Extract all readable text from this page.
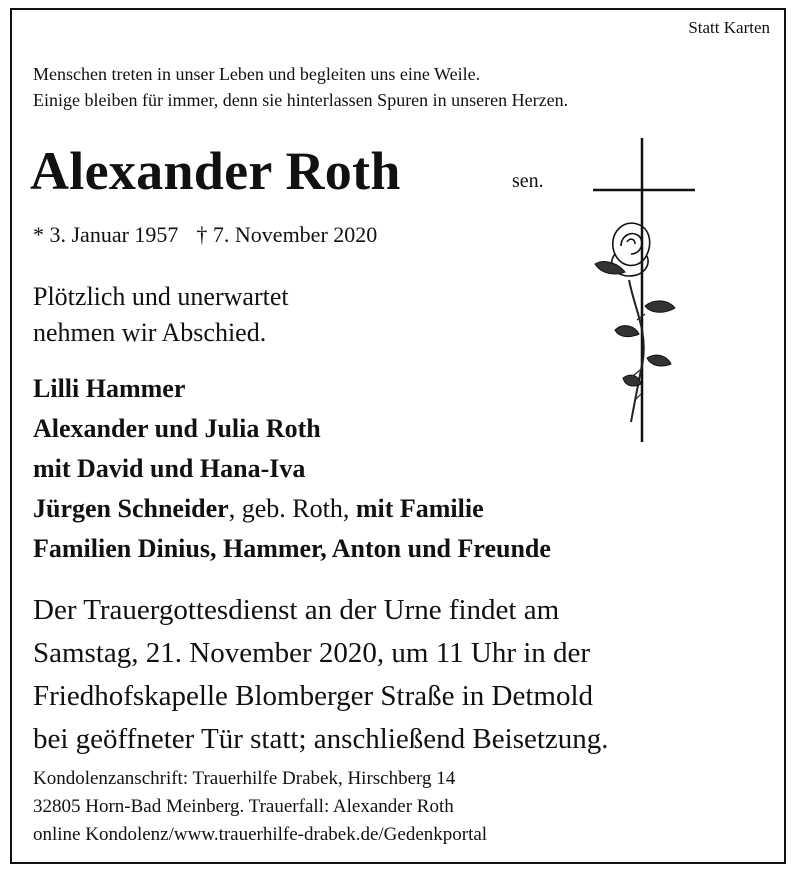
Statt Karten
Menschen treten in unser Leben und begleiten uns eine Weile.
Einige bleiben für immer, denn sie hinterlassen Spuren in unseren Herzen.
Alexander Roth	sen.
* 3. Januar 1957 † 7. November 2020
Plötzlich und unerwartet
nehmen wir Abschied.
Lilli Hammer
Alexander und Julia Roth
mit David und Hana-Iva
Jürgen Schneider, geb. Roth, mit Familie
Familien Dinius, Hammer, Anton und Freunde
Der Trauergottesdienst an der Urne findet am
Samstag, 21. November 2020, um 11 Uhr in der
Friedhofskapelle Blomberger Straße in Detmold
bei geöffneter Tür statt; anschließend Beisetzung.
Kondolenzanschrift: Trauerhilfe Drabek, Hirschberg 14
32805 Horn-Bad Meinberg. Trauerfall: Alexander Roth
online Kondolenz/www.trauerhilfe-drabek.de/Gedenkportal
